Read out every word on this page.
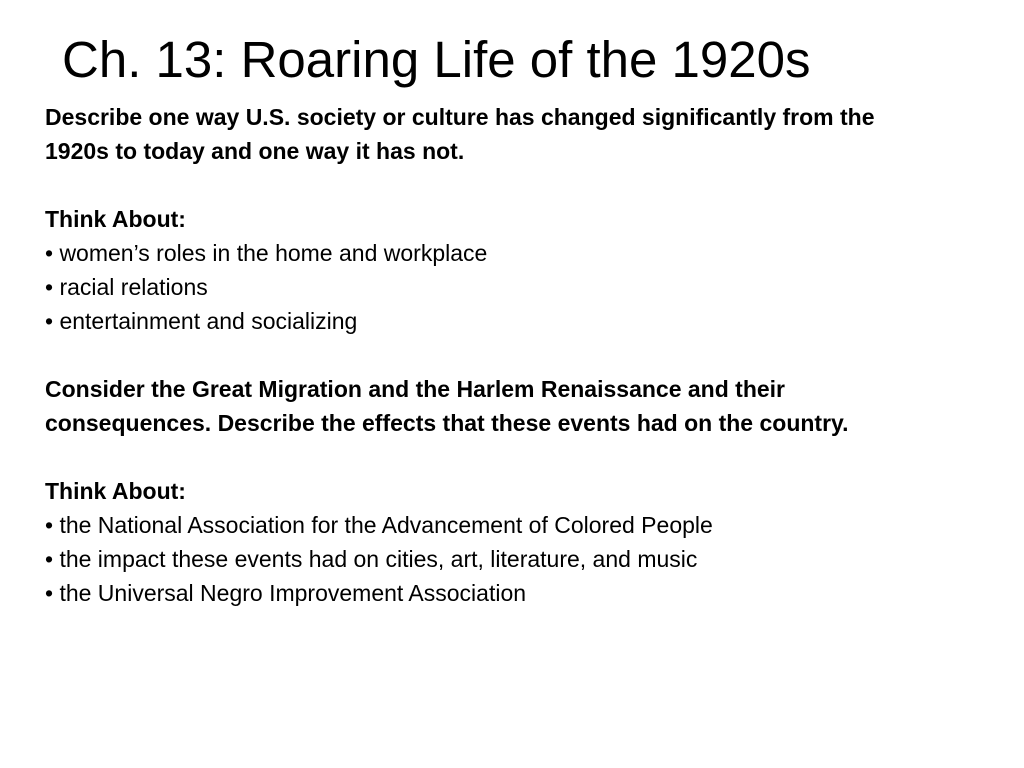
Ch. 13: Roaring Life of the 1920s

Describe one way U.S. society or culture has changed significantly from the

1920s to today and one way it has not.

Think About:

• women’s roles in the home and workplace

• racial relations

• entertainment and socializing

Consider the Great Migration and the Harlem Renaissance and their

consequences. Describe the effects that these events had on the country.

Think About:

• the National Association for the Advancement of Colored People

• the impact these events had on cities, art, literature, and music

• the Universal Negro Improvement Association
